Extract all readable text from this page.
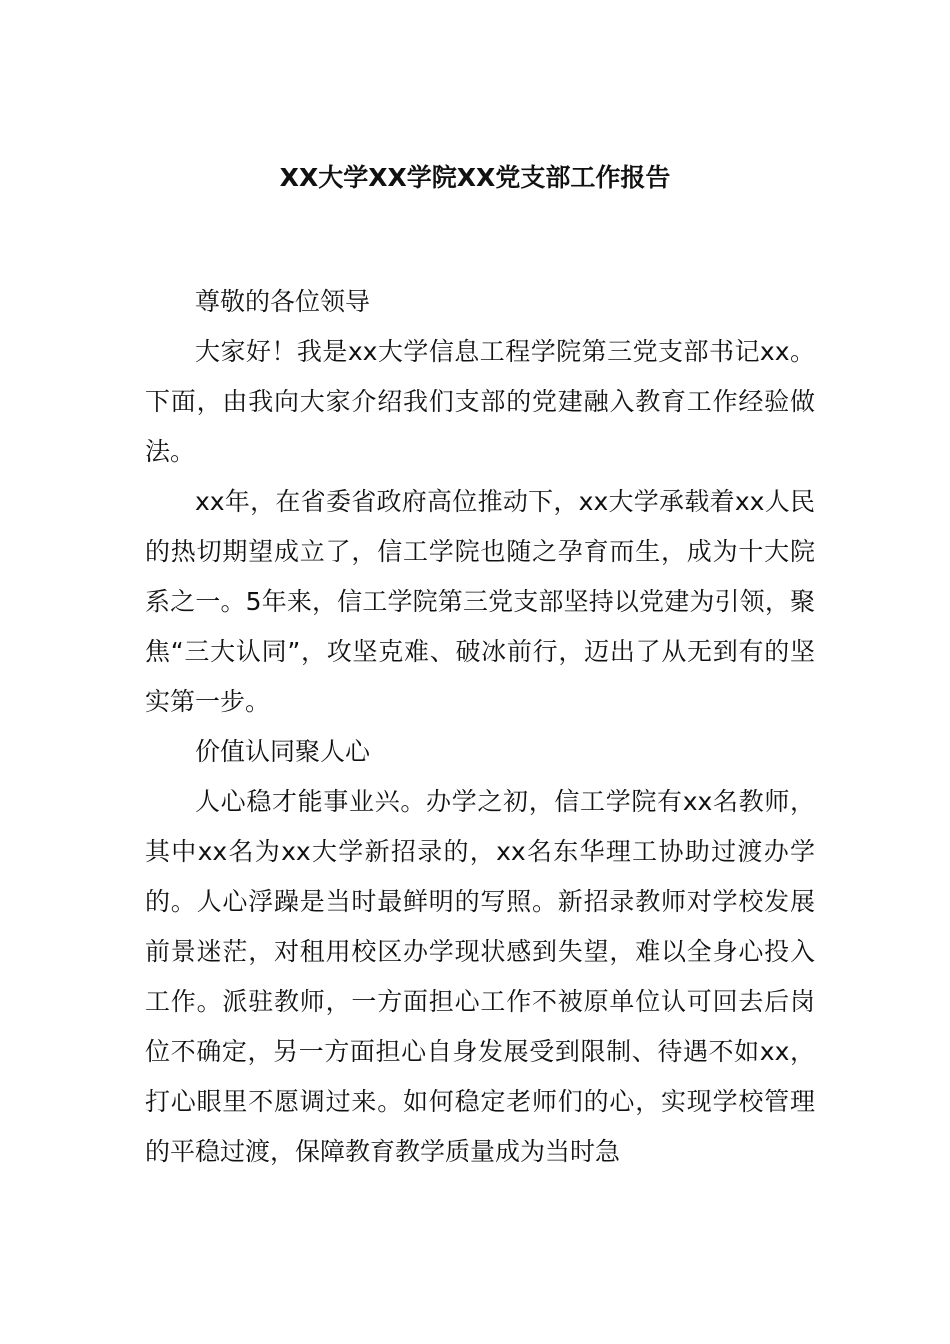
XX大学XX学院XX党支部工作报告

尊敬的各位领导

大家好！我是xx大学信息工程学院第三党支部书记xx。下面，由我向大家介绍我们支部的党建融入教育工作经验做法。

xx年，在省委省政府高位推动下，xx大学承载着xx人民的热切期望成立了，信工学院也随之孕育而生，成为十大院系之一。5年来，信工学院第三党支部坚持以党建为引领，聚焦“三大认同”，攻坚克难、破冰前行，迈出了从无到有的坚实第一步。

价值认同聚人心

人心稳才能事业兴。办学之初，信工学院有xx名教师，其中xx名为xx大学新招录的，xx名东华理工协助过渡办学的。人心浮躁是当时最鲜明的写照。新招录教师对学校发展前景迷茫，对租用校区办学现状感到失望，难以全身心投入工作。派驻教师，一方面担心工作不被原单位认可回去后岗位不确定，另一方面担心自身发展受到限制、待遇不如xx，打心眼里不愿调过来。如何稳定老师们的心，实现学校管理的平稳过渡，保障教育教学质量成为当时急
